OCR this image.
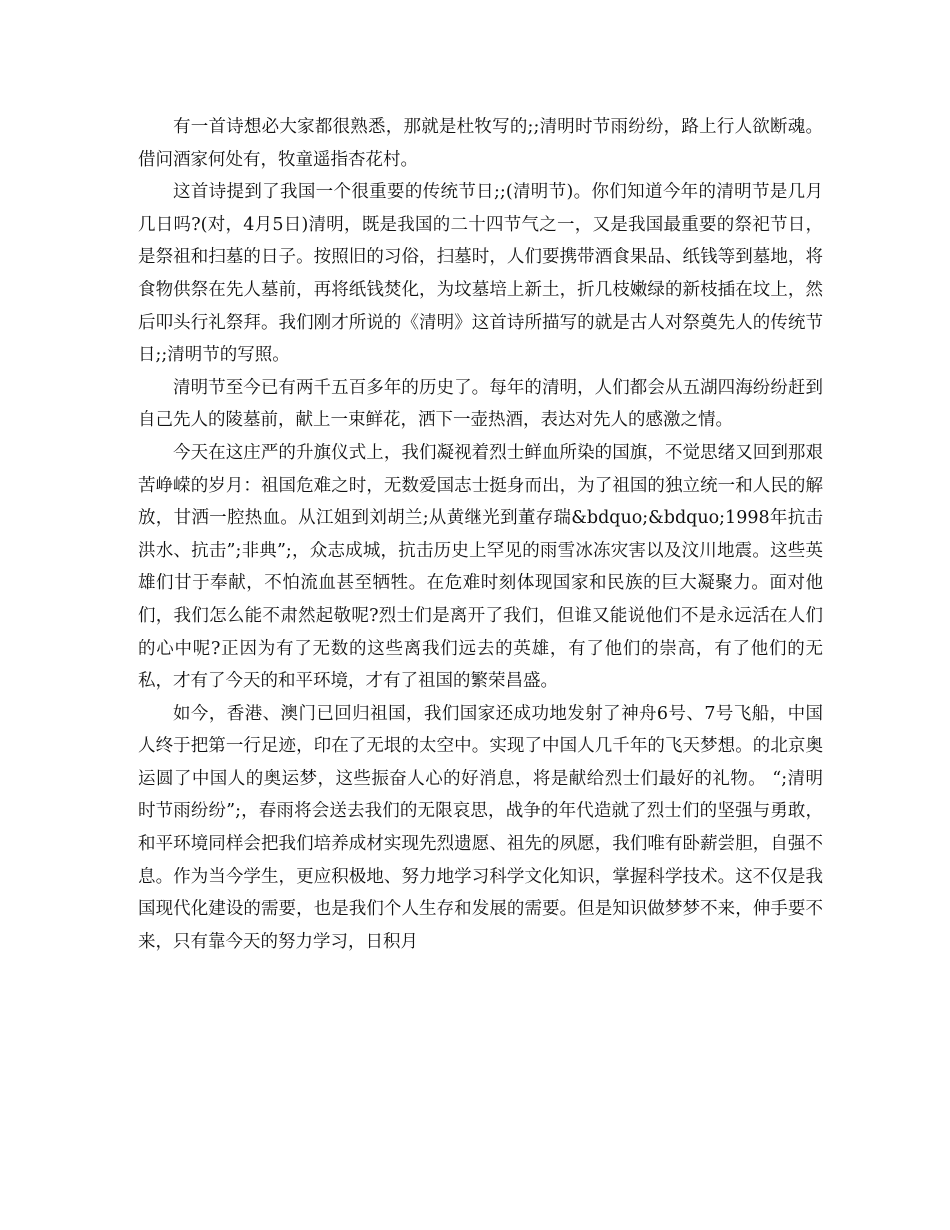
有一首诗想必大家都很熟悉，那就是杜牧写的;;清明时节雨纷纷，路上行人欲断魂。借问酒家何处有，牧童遥指杏花村。

这首诗提到了我国一个很重要的传统节日;;(清明节)。你们知道今年的清明节是几月几日吗?(对，4月5日)清明，既是我国的二十四节气之一，又是我国最重要的祭祀节日，是祭祖和扫墓的日子。按照旧的习俗，扫墓时，人们要携带酒食果品、纸钱等到墓地，将食物供祭在先人墓前，再将纸钱焚化，为坟墓培上新土，折几枝嫩绿的新枝插在坟上，然后叩头行礼祭拜。我们刚才所说的《清明》这首诗所描写的就是古人对祭奠先人的传统节日;;清明节的写照。

清明节至今已有两千五百多年的历史了。每年的清明，人们都会从五湖四海纷纷赶到自己先人的陵墓前，献上一束鲜花，洒下一壶热酒，表达对先人的感激之情。

今天在这庄严的升旗仪式上，我们凝视着烈士鲜血所染的国旗，不觉思绪又回到那艰苦峥嵘的岁月：祖国危难之时，无数爱国志士挺身而出，为了祖国的独立统一和人民的解放，甘洒一腔热血。从江姐到刘胡兰;从黄继光到董存瑞&bdquo;&bdquo;1998年抗击洪水、抗击”;非典”;，众志成城，抗击历史上罕见的雨雪冰冻灾害以及汶川地震。这些英雄们甘于奉献，不怕流血甚至牺牲。在危难时刻体现国家和民族的巨大凝聚力。面对他们，我们怎么能不肃然起敬呢?烈士们是离开了我们，但谁又能说他们不是永远活在人们的心中呢?正因为有了无数的这些离我们远去的英雄，有了他们的崇高，有了他们的无私，才有了今天的和平环境，才有了祖国的繁荣昌盛。

如今，香港、澳门已回归祖国，我们国家还成功地发射了神舟6号、7号飞船，中国人终于把第一行足迹，印在了无垠的太空中。实现了中国人几千年的飞天梦想。的北京奥运圆了中国人的奥运梦，这些振奋人心的好消息，将是献给烈士们最好的礼物。 “;清明时节雨纷纷”;，春雨将会送去我们的无限哀思，战争的年代造就了烈士们的坚强与勇敢，和平环境同样会把我们培养成材实现先烈遗愿、祖先的夙愿，我们唯有卧薪尝胆，自强不息。作为当今学生，更应积极地、努力地学习科学文化知识，掌握科学技术。这不仅是我国现代化建设的需要，也是我们个人生存和发展的需要。但是知识做梦梦不来，伸手要不来，只有靠今天的努力学习，日积月
